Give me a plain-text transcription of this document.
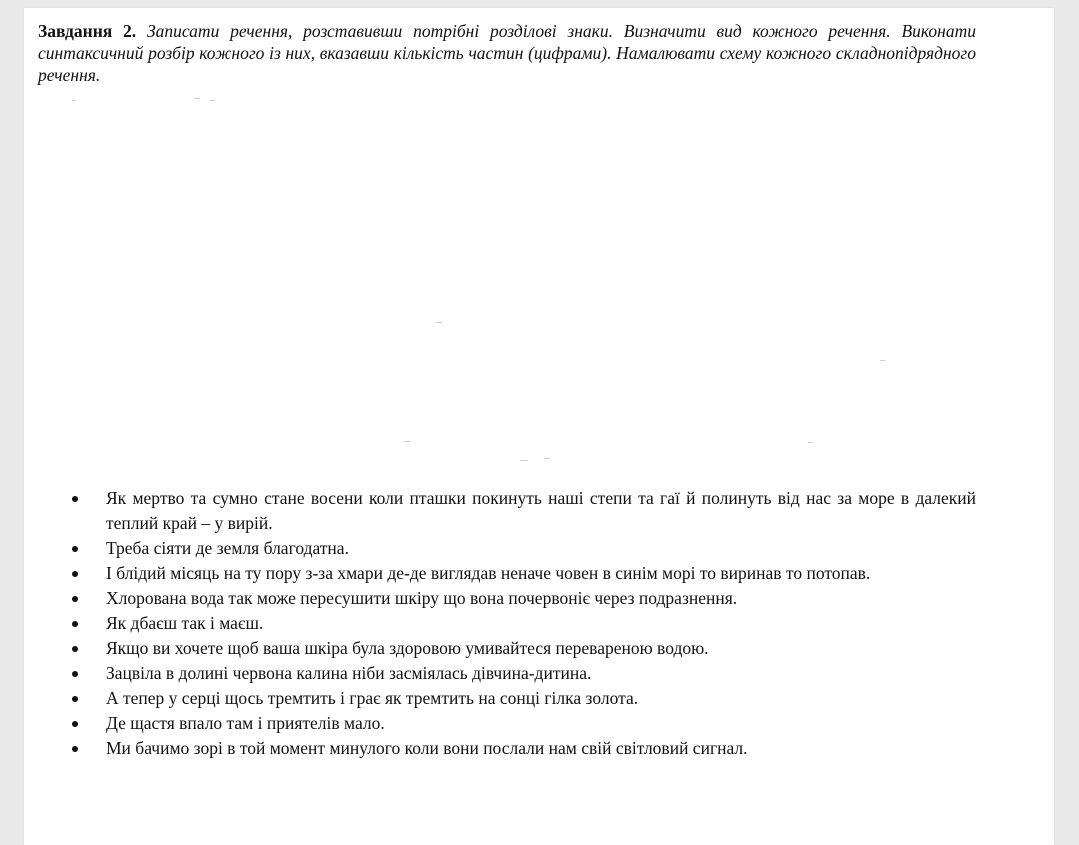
Завдання 2. Записати речення, розставивши потрібні розділові знаки. Визначити вид кожного речення. Виконати синтаксичний розбір кожного із них, вказавши кількість частин (цифрами). Намалювати схему кожного складнопідрядного речення.

Як мертво та сумно стане восени коли пташки покинуть наші степи та гаї й полинуть від нас за море в далекий теплий край – у вирій.
Треба сіяти де земля благодатна.
І блідий місяць на ту пору з-за хмари де-де виглядав неначе човен в синім морі то виринав то потопав.
Хлорована вода так може пересушити шкіру що вона почервоніє через подразнення.
Як дбаєш так і маєш.
Якщо ви хочете щоб ваша шкіра була здоровою умивайтеся перевареною водою.
Зацвіла в долині червона калина ніби засміялась дівчина-дитина.
А тепер у серці щось тремтить і грає як тремтить на сонці гілка золота.
Де щастя впало там і приятелів мало.
Ми бачимо зорі в той момент минулого коли вони послали нам свій світловий сигнал.
